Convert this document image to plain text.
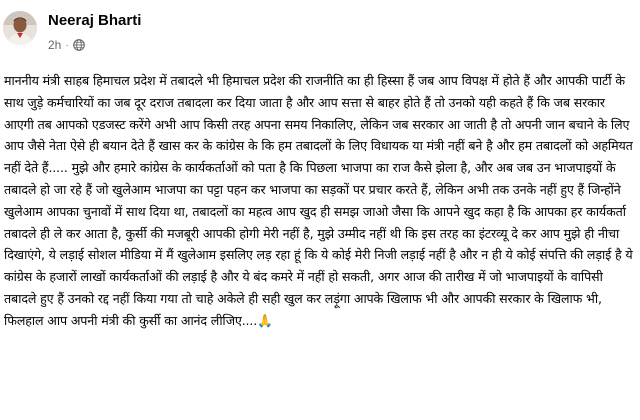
Neeraj Bharti
2h ·
माननीय मंत्री साहब हिमाचल प्रदेश में तबादले भी हिमाचल प्रदेश की राजनीति का ही हिस्सा हैं जब आप विपक्ष में होते हैं और आपकी पार्टी के साथ जुड़े कर्मचारियों का जब दूर दराज तबादला कर दिया जाता है और आप सत्ता से बाहर होते हैं तो उनको यही कहते हैं कि जब सरकार आएगी तब आपको एडजस्ट करेंगे अभी आप किसी तरह अपना समय निकालिए, लेकिन जब सरकार आ जाती है तो अपनी जान बचाने के लिए आप जैसे नेता ऐसे ही बयान देते हैं खास कर के कांग्रेस के कि हम तबादलों के लिए विधायक या मंत्री नहीं बने है और हम तबादलों को अहमियत नहीं देते हैं..... मुझे और हमारे कांग्रेस के कार्यकर्ताओं को पता है कि पिछला भाजपा का राज कैसे झेला है, और अब जब उन भाजपाइयों के तबादले हो जा रहे हैं जो खुलेआम भाजपा का पट्टा पहन कर भाजपा का सड़कों पर प्रचार करते हैं, लेकिन अभी तक उनके नहीं हुए हैं जिन्होंने खुलेआम आपका चुनावों में साथ दिया था, तबादलों का महत्व आप खुद ही समझ जाओ जैसा कि आपने खुद कहा है कि आपका हर कार्यकर्ता तबादले ही ले कर आता है, कुर्सी की मजबूरी आपकी होगी मेरी नहीं है, मुझे उम्मीद नहीं थी कि इस तरह का इंटरव्यू दे कर आप मुझे ही नीचा दिखाएंगे, ये लड़ाई सोशल मीडिया में मैं खुलेआम इसलिए लड़ रहा हूं कि ये कोई मेरी निजी लड़ाई नहीं है और न ही ये कोई संपत्ति की लड़ाई है ये कांग्रेस के हजारों लाखों कार्यकर्ताओं की लड़ाई है और ये बंद कमरे में नहीं हो सकती, अगर आज की तारीख में जो भाजपाइयों के वापिसी तबादले हुए हैं उनको रद्द नहीं किया गया तो चाहे अकेले ही सही खुल कर लड़ूंगा आपके खिलाफ भी और आपकी सरकार के खिलाफ भी, फिलहाल आप अपनी मंत्री की कुर्सी का आनंद लीजिए....🙏
